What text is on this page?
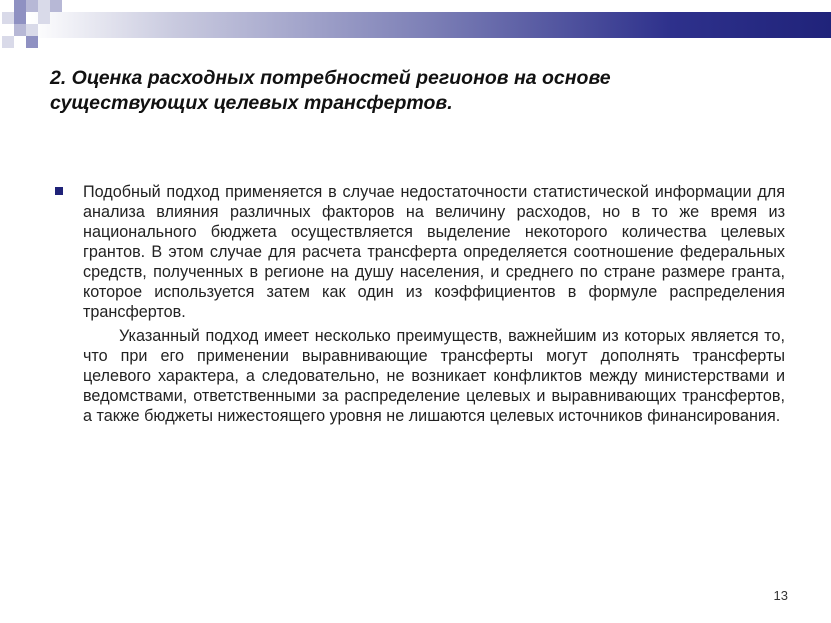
2. Оценка расходных потребностей регионов на основе существующих целевых трансфертов.

Подобный подход применяется в случае недостаточности статистической информации для анализа влияния различных факторов на величину расходов, но в то же время из национального бюджета осуществляется выделение некоторого количества целевых грантов. В этом случае для расчета трансферта определяется соотношение федеральных средств, полученных в регионе на душу населения, и среднего по стране размере гранта, которое используется затем как один из коэффициентов в формуле распределения трансфертов.

Указанный подход имеет несколько преимуществ, важнейшим из которых является то, что при его применении выравнивающие трансферты могут дополнять трансферты целевого характера, а следовательно, не возникает конфликтов между министерствами и ведомствами, ответственными за распределение целевых и выравнивающих трансфертов, а также бюджеты нижестоящего уровня не лишаются целевых источников финансирования.

13
